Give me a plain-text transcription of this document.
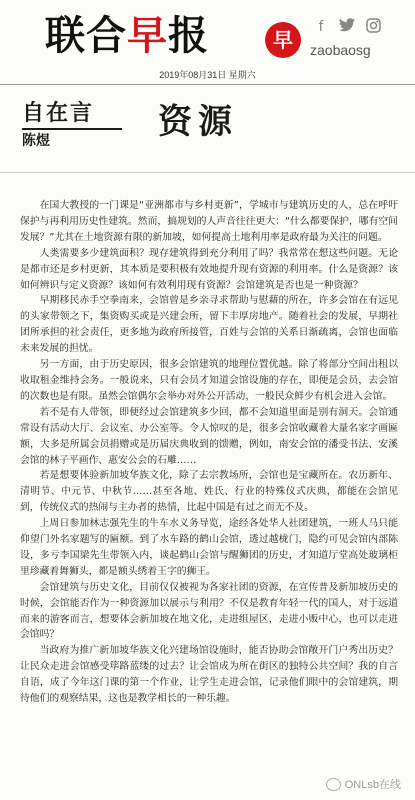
联合早报	早
f
zaobaosg
2019年08月31日 星期六
自在言
陈煜	资源

在国大教授的一门课是“亚洲都市与乡村更新”，学城市与建筑历史的人，总在呼吁保护与再利用历史性建筑。然而，搞规划的人声音往往更大：“什么都要保护，哪有空间发展？”尤其在土地资源有限的新加坡，如何提高土地利用率是政府最为关注的问题。

人类需要多少建筑面积？现存建筑得到充分利用了吗？我常常在想这些问题。无论是都市还是乡村更新，其本质是要积极有效地提升现有资源的利用率。什么是资源？该如何辨识与定义资源？该如何有效利用现有资源？会馆建筑是否也是一种资源？

早期移民赤手空拳南来，会馆曾是乡亲寻求帮助与慰藉的所在，许多会馆在有远见的头家带领之下，集资购买或是兴建会所，留下丰厚房地产。随着社会的发展，早期社团所承担的社会责任，更多地为政府所接管，百姓与会馆的关系日渐疏离，会馆也面临未来发展的担忧。

另一方面，由于历史原因，很多会馆建筑的地理位置优越。除了将部分空间出租以收取租金维持会务。一般说来，只有会员才知道会馆设施的存在，即便是会员，去会馆的次数也是有限。虽然会馆偶尔会举办对外公开活动，一般民众鲜少有机会进入会馆。

若不是有人带领，即便经过会馆建筑多少回，都不会知道里面是别有洞天。会馆通常设有活动大厅、会议室、办公室等。令人惊叹的是，很多会馆收藏着大量名家字画匾额，大多是所属会员捐赠或是历届庆典收到的馈赠，例如，南安会馆的潘受书法、安溪会馆的林子平画作、惠安公会的石雕……

若是想要体验新加坡华族文化，除了去宗教场所，会馆也是宝藏所在。农历新年、清明节、中元节、中秋节……甚至各地、姓氏、行业的特殊仪式庆典，都能在会馆见到，传统仪式的热闹与主办者的热情，比起中国是有过之而无不及。

上周日参加林志强先生的牛车水义务导览，途经各处华人社团建筑，一班人马只能仰望门外名家题写的匾额。到了水车路的鹤山会馆，透过越栊门，隐约可见会馆内部陈设，多亏李国梁先生带领入内，谈起鹤山会馆与醒狮团的历史，才知道厅堂高处玻璃柜里珍藏着舞狮头，都是额头绣着王字的狮王。

会馆建筑与历史文化，目前仅仅被视为各家社团的资源，在宣传普及新加坡历史的时候，会馆能否作为一种资源加以展示与利用？不仅是教育年轻一代的国人，对于远道而来的游客而言，想要体会新加坡在地文化，走进组屋区，走进小贩中心，也可以走进会馆吗？

当政府为推广新加坡华族文化兴建场馆设施时，能否协助会馆敞开门户秀出历史？让民众走进会馆感受筚路蓝缕的过去？让会馆成为所在街区的独特公共空间？我的自言自语，成了今年这门课的第一个作业，让学生走进会馆，记录他们眼中的会馆建筑，期待他们的观察结果，这也是教学相长的一种乐趣。

ONLsb在线
